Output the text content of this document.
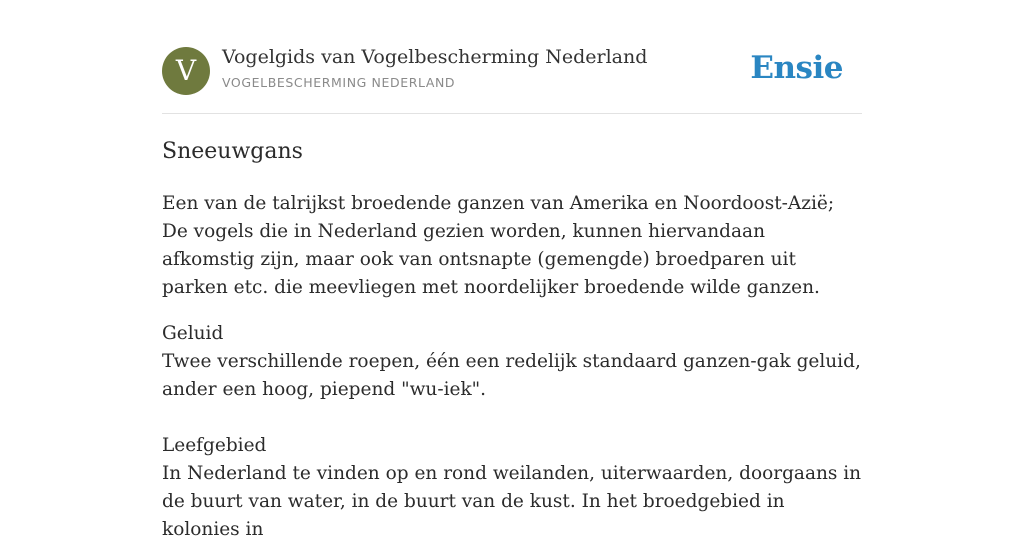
V	Vogelgids van Vogelbescherming Nederland
VOGELBESCHERMING NEDERLAND	Ensie
Sneeuwgans

Een van de talrijkst broedende ganzen van Amerika en Noordoost-Azië; De vogels die in Nederland gezien worden, kunnen hiervandaan afkomstig zijn, maar ook van ontsnapte (gemengde) broedparen uit parken etc. die meevliegen met noordelijker broedende wilde ganzen.

Geluid
Twee verschillende roepen, één een redelijk standaard ganzen-gak geluid, ander een hoog, piepend "wu-iek".
Leefgebied
In Nederland te vinden op en rond weilanden, uiterwaarden, doorgaans in de buurt van water, in de buurt van de kust. In het broedgebied in kolonies in
